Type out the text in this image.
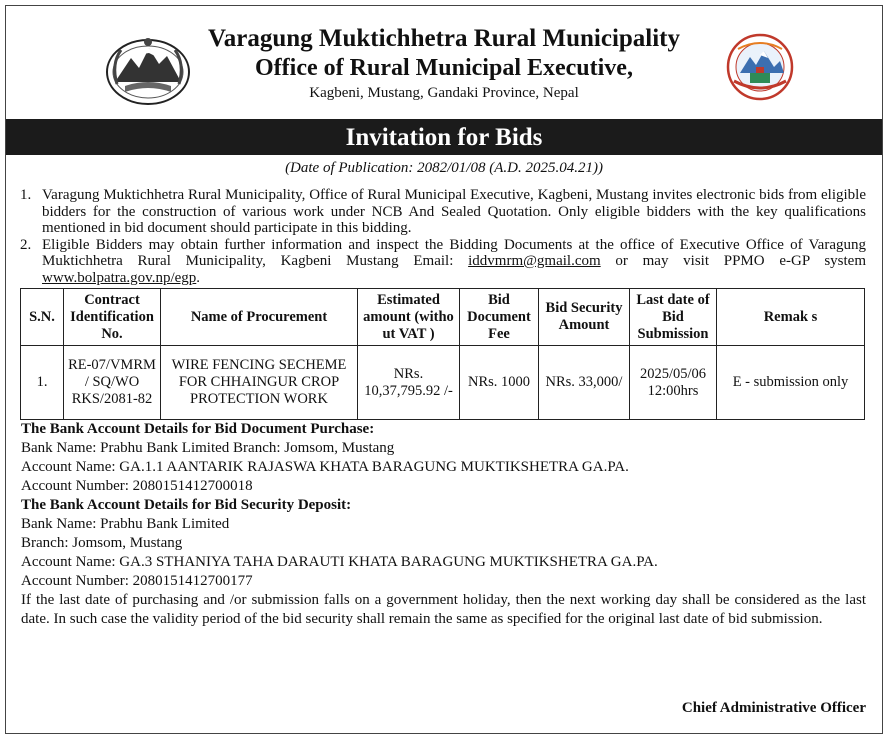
Varagung Muktichhetra Rural Municipality
Office of Rural Municipal Executive,
Kagbeni, Mustang, Gandaki Province, Nepal
Invitation for Bids
(Date of Publication: 2082/01/08 (A.D. 2025.04.21))
1. Varagung Muktichhetra Rural Municipality, Office of Rural Municipal Executive, Kagbeni, Mustang invites electronic bids from eligible bidders for the construction of various work under NCB And Sealed Quotation. Only eligible bidders with the key qualifications mentioned in bid document should participate in this bidding.
2. Eligible Bidders may obtain further information and inspect the Bidding Documents at the office of Executive Office of Varagung Muktichhetra Rural Municipality, Kagbeni Mustang Email: iddvmrm@gmail.com or may visit PPMO e-GP system www.bolpatra.gov.np/egp.
S.N.	Contract Identification No.	Name of Procurement	Estimated amount (witho ut VAT )	Bid Document Fee	Bid Security Amount	Last date of Bid Submission	Remak s
1.	RE-07/VMRM / SQ/WO RKS/2081-82	WIRE FENCING SECHEME FOR CHHAINGUR CROP PROTECTION WORK	NRs. 10,37,795.92 /-	NRs. 1000	NRs. 33,000/	2025/05/06 12:00hrs	E - submission only
The Bank Account Details for Bid Document Purchase:
Bank Name: Prabhu Bank Limited Branch: Jomsom, Mustang
Account Name: GA.1.1 AANTARIK RAJASWA KHATA BARAGUNG MUKTIKSHETRA GA.PA.
Account Number: 2080151412700018
The Bank Account Details for Bid Security Deposit:
Bank Name: Prabhu Bank Limited
Branch: Jomsom, Mustang
Account Name: GA.3 STHANIYA TAHA DARAUTI KHATA BARAGUNG MUKTIKSHETRA GA.PA.
Account Number: 2080151412700177
If the last date of purchasing and /or submission falls on a government holiday, then the next working day shall be considered as the last date. In such case the validity period of the bid security shall remain the same as specified for the original last date of bid submission.
Chief Administrative Officer
